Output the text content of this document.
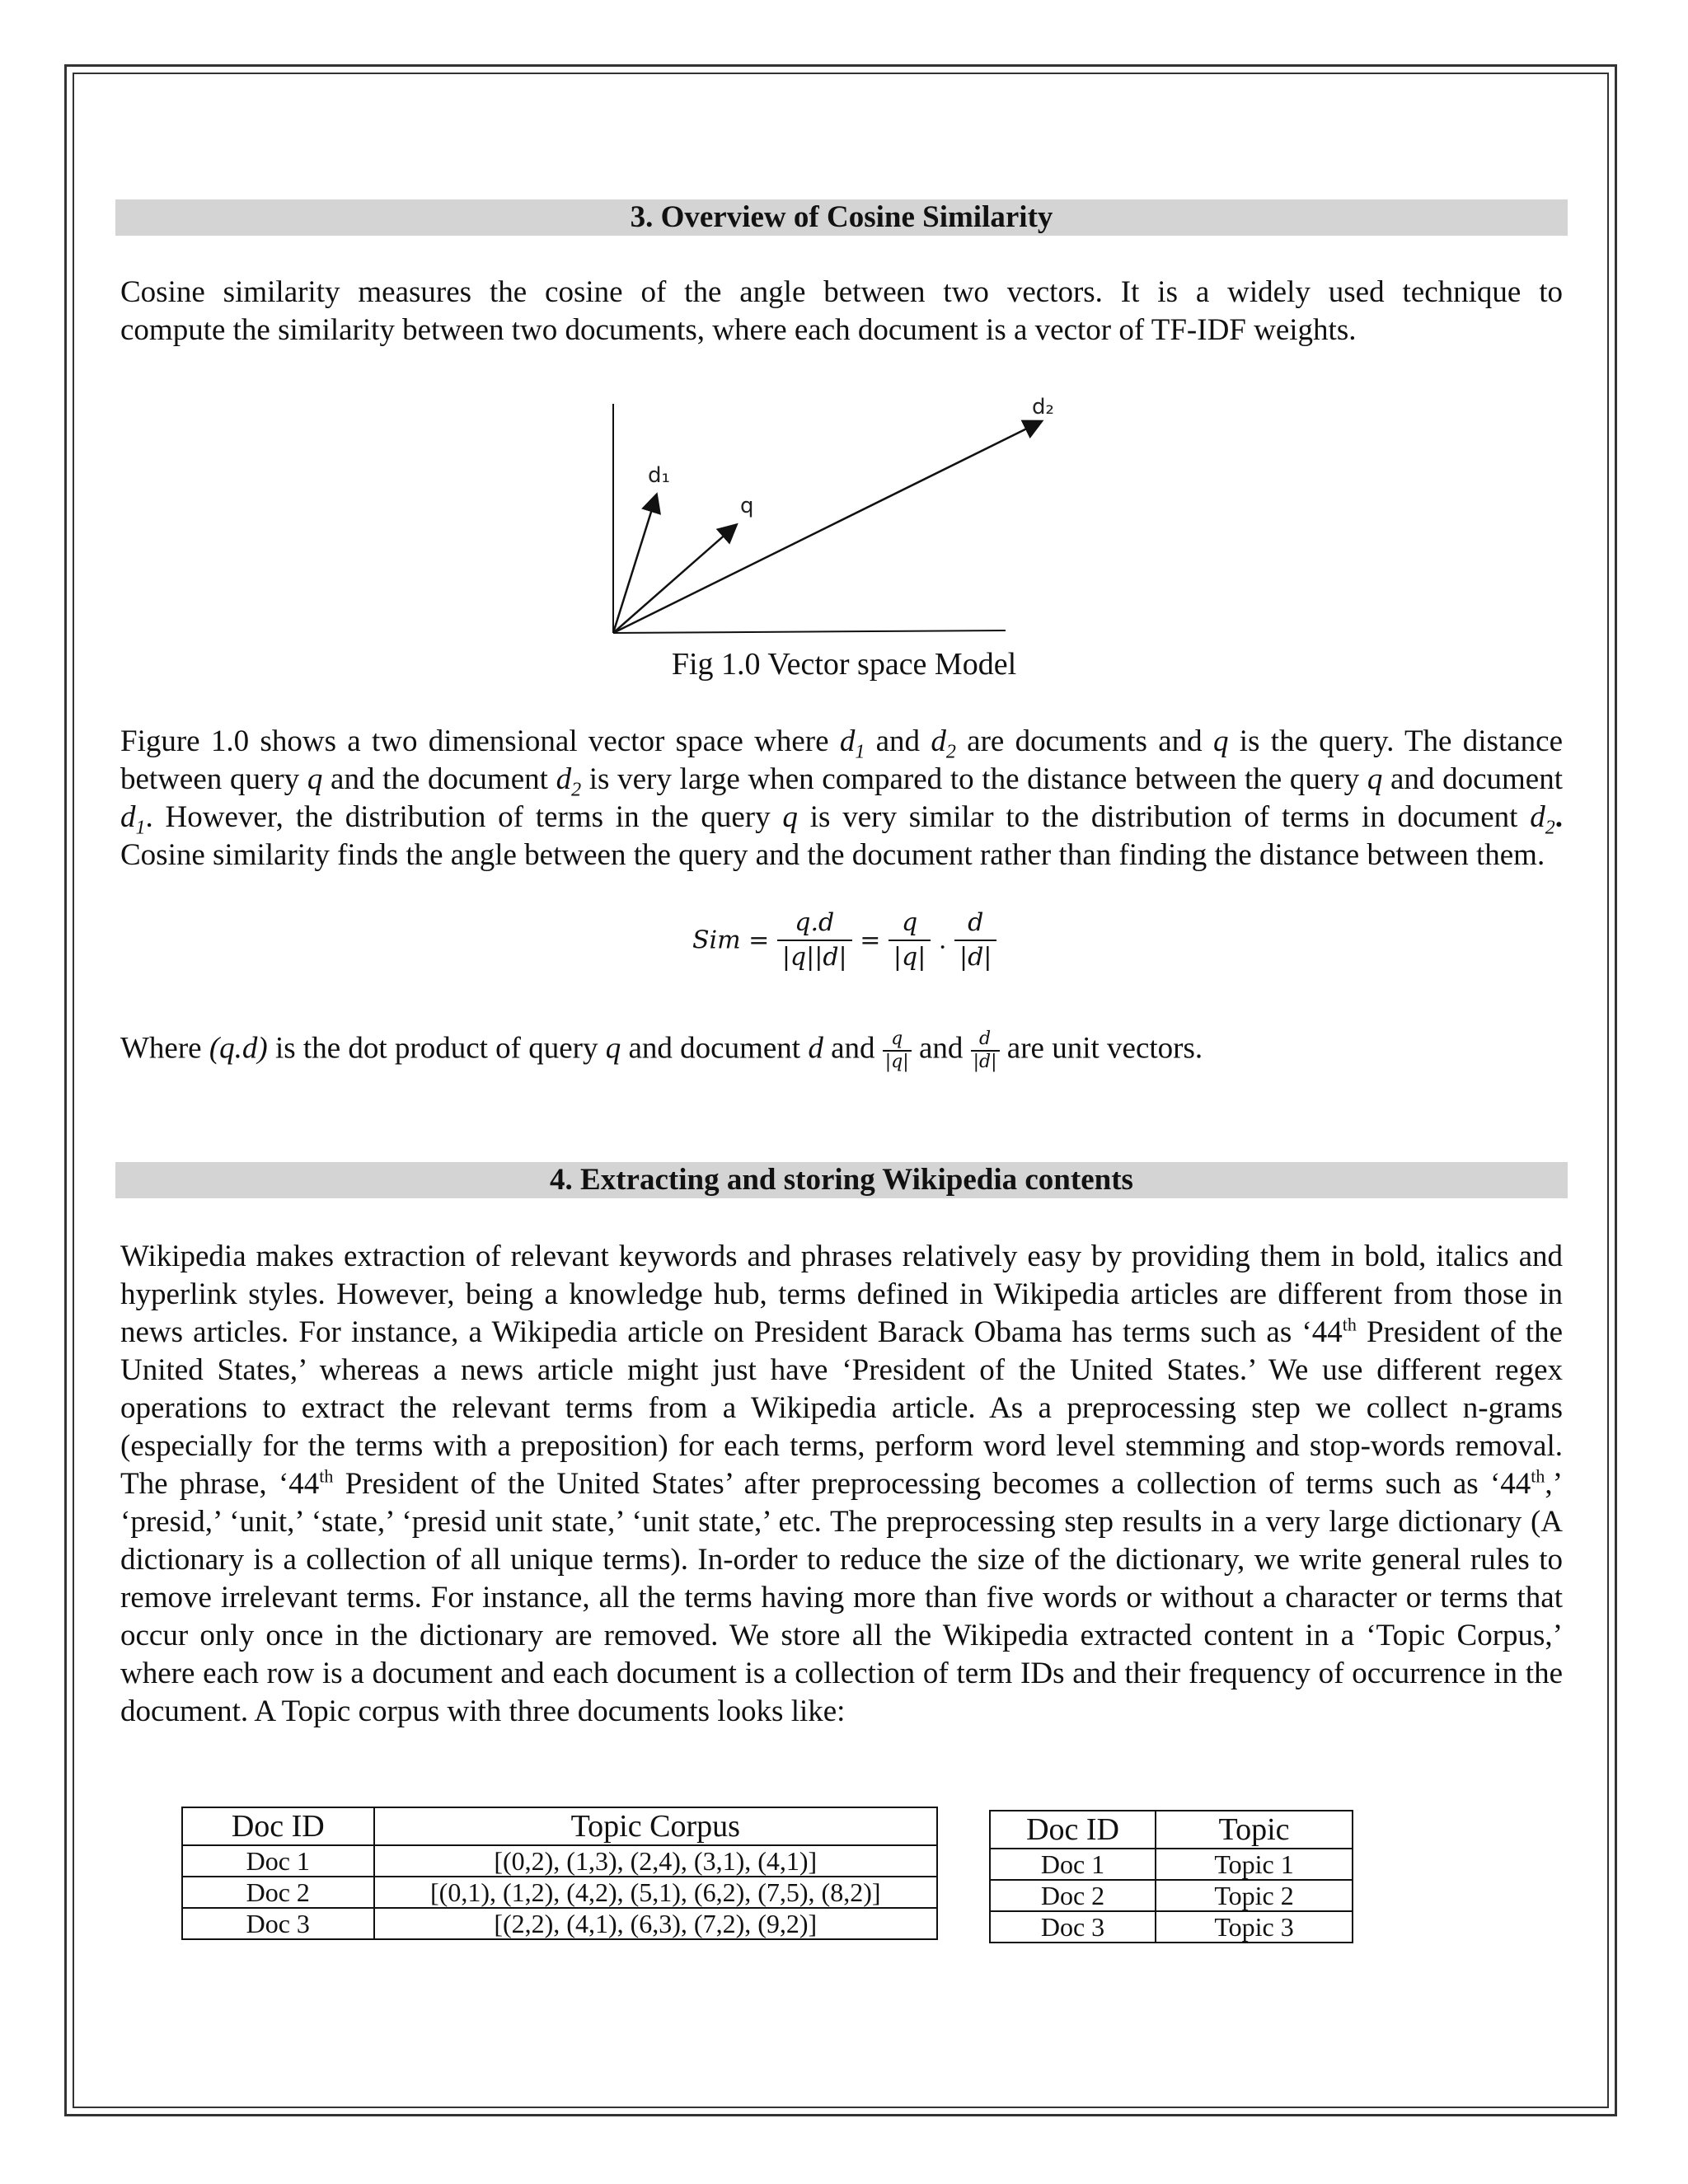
3. Overview of Cosine Similarity

Cosine similarity measures the cosine of the angle between two vectors. It is a widely used technique to
compute the similarity between two documents, where each document is a vector of TF-IDF weights.

d₁
q
d₂
Fig 1.0 Vector space Model

Figure 1.0 shows a two dimensional vector space where $d_1$ and $d_2$ are documents and q is the query. The distance between query q and the document $d_2$ is very large when compared to the distance between the query q and document $d_1$. However, the distribution of terms in the query q is very similar to the distribution of terms in document $d_2$. Cosine similarity finds the angle between the query and the document rather than finding the distance between them.

Sim = $\frac{q.d}{|q||d|} = \frac{q}{|q|}$ . $\frac{d}{|d|}$
Where (q.d) is the dot product of query q and document d and $\frac{q}{|q|}$ and $\frac{d}{|d|}$ are unit vectors.
4. Extracting and storing Wikipedia contents

Wikipedia makes extraction of relevant keywords and phrases relatively easy by providing them in bold, italics and hyperlink styles. However, being a knowledge hub, terms defined in Wikipedia articles are different from those in news articles. For instance, a Wikipedia article on President Barack Obama has terms such as ‘44th President of the United States,’ whereas a news article might just have ‘President of the United States.’ We use different regex operations to extract the relevant terms from a Wikipedia article. As a preprocessing step we collect n-grams (especially for the terms with a preposition) for each terms, perform word level stemming and stop-words removal. The phrase, ‘44th President of the United States’ after preprocessing becomes a collection of terms such as ‘44th,’ ‘presid,’ ‘unit,’ ‘state,’ ‘presid unit state,’ ‘unit state,’ etc. The preprocessing step results in a very large dictionary (A dictionary is a collection of all unique terms). In-order to reduce the size of the dictionary, we write general rules to remove irrelevant terms. For instance, all the terms having more than five words or without a character or terms that occur only once in the dictionary are removed. We store all the Wikipedia extracted content in a ‘Topic Corpus,’ where each row is a document and each document is a collection of term IDs and their frequency of occurrence in the document. A Topic corpus with three documents looks like:

Doc ID	Topic Corpus
Doc 1	[(0,2), (1,3), (2,4), (3,1), (4,1)]
Doc 2	[(0,1), (1,2), (4,2), (5,1), (6,2), (7,5), (8,2)]
Doc 3	[(2,2), (4,1), (6,3), (7,2), (9,2)]
Doc ID	Topic
Doc 1	Topic 1
Doc 2	Topic 2
Doc 3	Topic 3
